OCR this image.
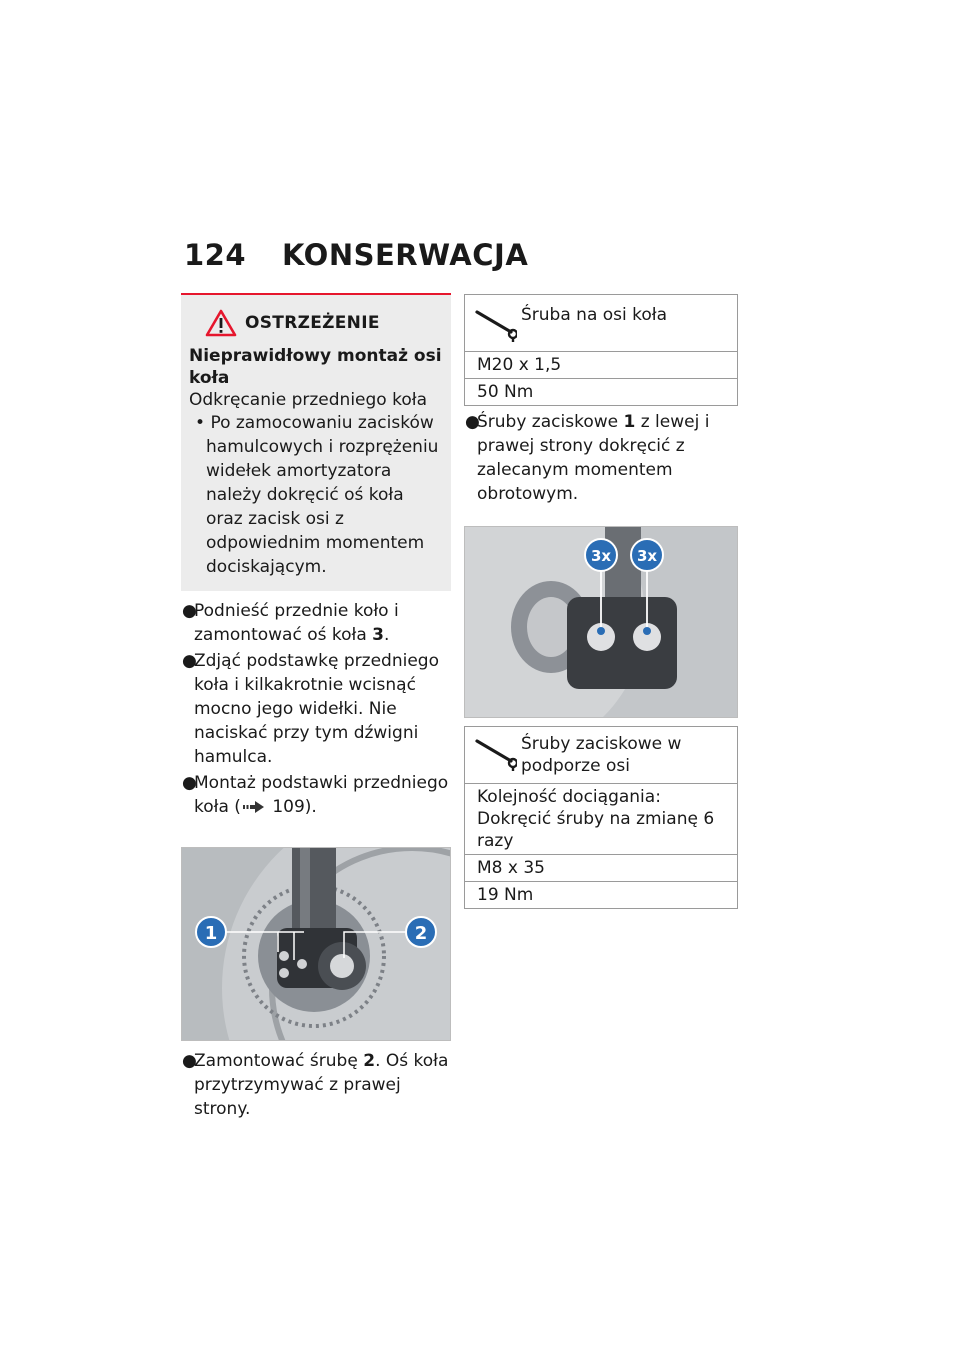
124 KONSERWACJA
OSTRZEŻENIE
Nieprawidłowy montaż osi koła
Odkręcanie przedniego koła
• Po zamocowaniu zacisków hamulcowych i rozprężeniu widełek amortyzatora należy dokręcić oś koła oraz zacisk osi z odpowiednim momentem dociskającym.
●Podnieść przednie koło i zamontować oś koła 3.
●Zdjąć podstawkę przedniego koła i kilkakrotnie wcisnąć mocno jego widełki. Nie naciskać przy tym dźwigni hamulca.
●Montaż podstawki przedniego koła ( 109).
1	2
●Zamontować śrubę 2. Oś koła przytrzymywać z prawej strony.
Śruba na osi koła

M20 x 1,5
50 Nm
●Śruby zaciskowe 1 z lewej i prawej strony dokręcić z zalecanym momentem obrotowym.
3x 3x
Śruby zaciskowe w podporze osi

Kolejność dociągania: Dokręcić śruby na zmianę 6 razy
M8 x 35
19 Nm
